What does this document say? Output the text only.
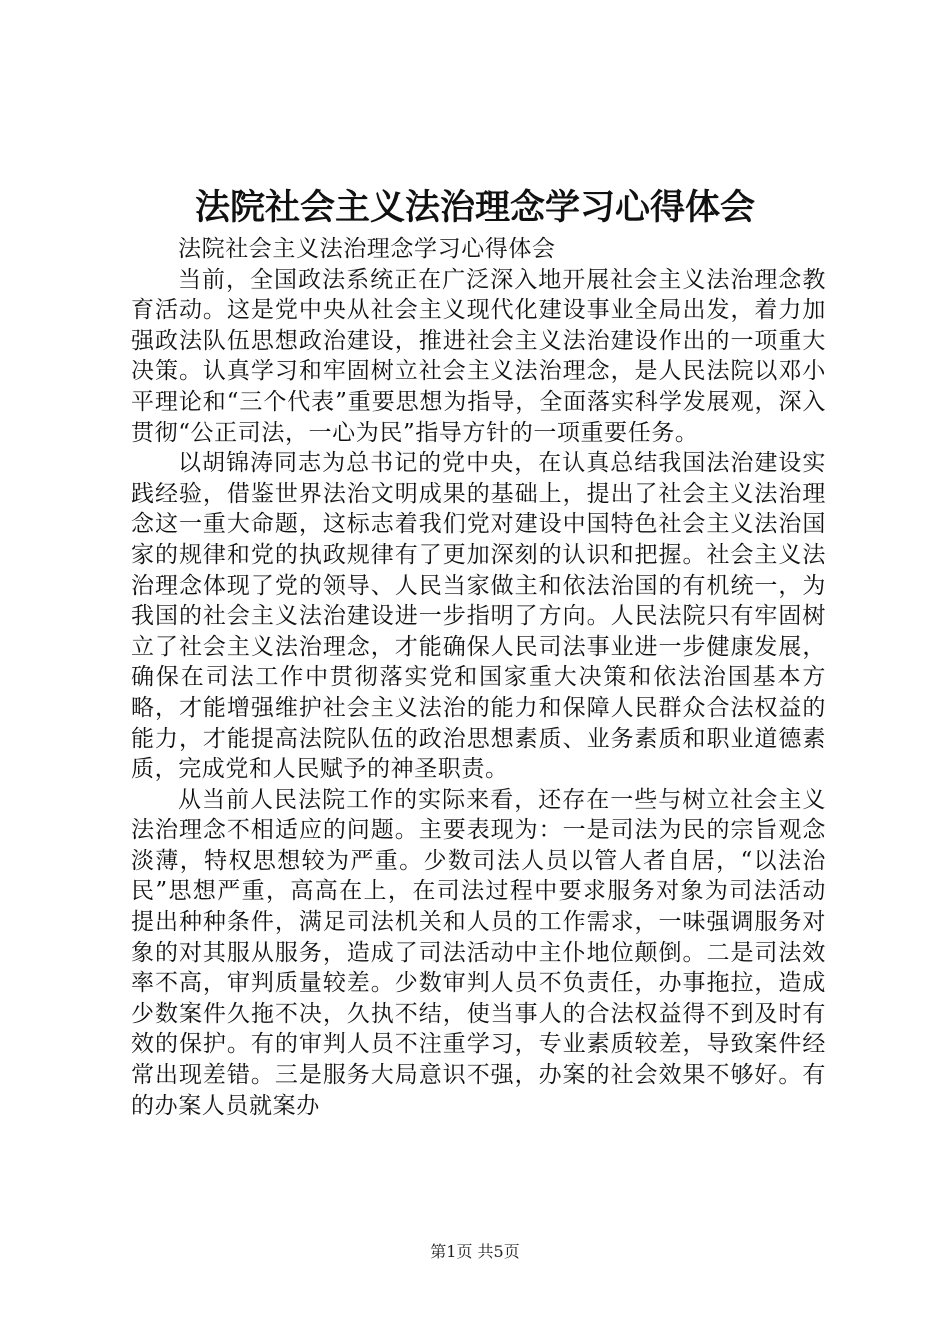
法院社会主义法治理念学习心得体会

法院社会主义法治理念学习心得体会

当前，全国政法系统正在广泛深入地开展社会主义法治理念教育活动。这是党中央从社会主义现代化建设事业全局出发，着力加强政法队伍思想政治建设，推进社会主义法治建设作出的一项重大决策。认真学习和牢固树立社会主义法治理念，是人民法院以邓小平理论和“三个代表”重要思想为指导，全面落实科学发展观，深入贯彻“公正司法，一心为民”指导方针的一项重要任务。

以胡锦涛同志为总书记的党中央，在认真总结我国法治建设实践经验，借鉴世界法治文明成果的基础上，提出了社会主义法治理念这一重大命题，这标志着我们党对建设中国特色社会主义法治国家的规律和党的执政规律有了更加深刻的认识和把握。社会主义法治理念体现了党的领导、人民当家做主和依法治国的有机统一，为我国的社会主义法治建设进一步指明了方向。人民法院只有牢固树立了社会主义法治理念，才能确保人民司法事业进一步健康发展，确保在司法工作中贯彻落实党和国家重大决策和依法治国基本方略，才能增强维护社会主义法治的能力和保障人民群众合法权益的能力，才能提高法院队伍的政治思想素质、业务素质和职业道德素质，完成党和人民赋予的神圣职责。

从当前人民法院工作的实际来看，还存在一些与树立社会主义法治理念不相适应的问题。主要表现为：一是司法为民的宗旨观念淡薄，特权思想较为严重。少数司法人员以管人者自居，“以法治民”思想严重，高高在上，在司法过程中要求服务对象为司法活动提出种种条件，满足司法机关和人员的工作需求，一味强调服务对象的对其服从服务，造成了司法活动中主仆地位颠倒。二是司法效率不高，审判质量较差。少数审判人员不负责任，办事拖拉，造成少数案件久拖不决，久执不结，使当事人的合法权益得不到及时有效的保护。有的审判人员不注重学习，专业素质较差，导致案件经常出现差错。三是服务大局意识不强，办案的社会效果不够好。有的办案人员就案办

第1页 共5页
